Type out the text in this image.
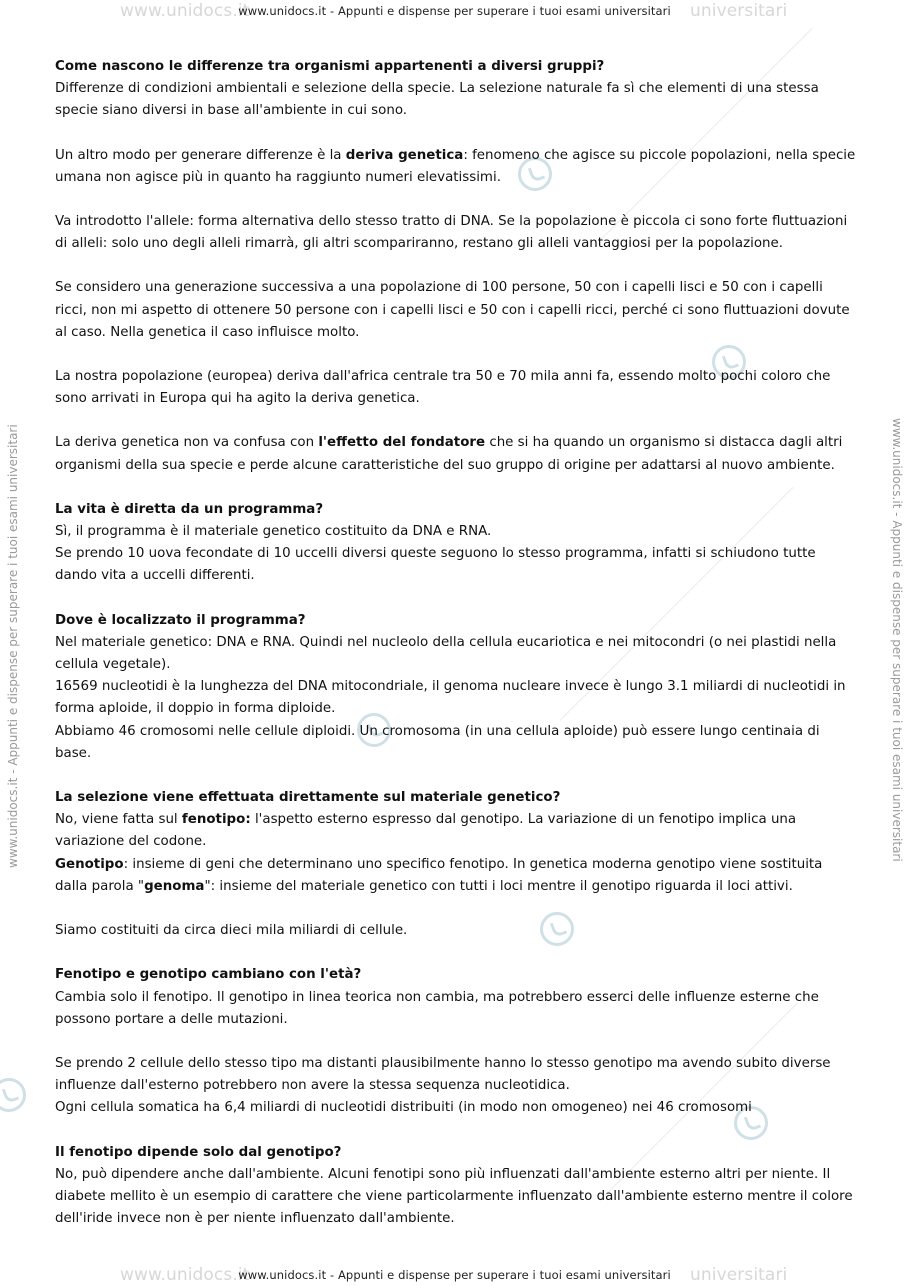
www.unidocs.it
www.unidocs.it - Appunti e dispense per superare i tuoi esami universitari universitari
www.unidocs.it
www.unidocs.it - Appunti e dispense per superare i tuoi esami universitari universitari
www.unidocs.it - Appunti e dispense per superare i tuoi esami universitari	www.unidocs.it - Appunti e dispense per superare i tuoi esami universitari

Come nascono le differenze tra organismi appartenenti a diversi gruppi?

Differenze di condizioni ambientali e selezione della specie. La selezione naturale fa sì che elementi di una stessa specie siano diversi in base all'ambiente in cui sono.

Un altro modo per generare differenze è la deriva genetica: fenomeno che agisce su piccole popolazioni, nella specie umana non agisce più in quanto ha raggiunto numeri elevatissimi.

Va introdotto l'allele: forma alternativa dello stesso tratto di DNA. Se la popolazione è piccola ci sono forte fluttuazioni di alleli: solo uno degli alleli rimarrà, gli altri scompariranno, restano gli alleli vantaggiosi per la popolazione.

Se considero una generazione successiva a una popolazione di 100 persone, 50 con i capelli lisci e 50 con i capelli ricci, non mi aspetto di ottenere 50 persone con i capelli lisci e 50 con i capelli ricci, perché ci sono fluttuazioni dovute al caso. Nella genetica il caso influisce molto.

La nostra popolazione (europea) deriva dall'africa centrale tra 50 e 70 mila anni fa, essendo molto pochi coloro che sono arrivati in Europa qui ha agito la deriva genetica.

La deriva genetica non va confusa con l'effetto del fondatore che si ha quando un organismo si distacca dagli altri organismi della sua specie e perde alcune caratteristiche del suo gruppo di origine per adattarsi al nuovo ambiente.

La vita è diretta da un programma?

Sì, il programma è il materiale genetico costituito da DNA e RNA.

Se prendo 10 uova fecondate di 10 uccelli diversi queste seguono lo stesso programma, infatti si schiudono tutte dando vita a uccelli differenti.

Dove è localizzato il programma?

Nel materiale genetico: DNA e RNA. Quindi nel nucleolo della cellula eucariotica e nei mitocondri (o nei plastidi nella cellula vegetale).

16569 nucleotidi è la lunghezza del DNA mitocondriale, il genoma nucleare invece è lungo 3.1 miliardi di nucleotidi in forma aploide, il doppio in forma diploide.

Abbiamo 46 cromosomi nelle cellule diploidi. Un cromosoma (in una cellula aploide) può essere lungo centinaia di base.

La selezione viene effettuata direttamente sul materiale genetico?

No, viene fatta sul fenotipo: l'aspetto esterno espresso dal genotipo. La variazione di un fenotipo implica una variazione del codone.

Genotipo: insieme di geni che determinano uno specifico fenotipo. In genetica moderna genotipo viene sostituita dalla parola "genoma": insieme del materiale genetico con tutti i loci mentre il genotipo riguarda il loci attivi.

Siamo costituiti da circa dieci mila miliardi di cellule.

Fenotipo e genotipo cambiano con l'età?

Cambia solo il fenotipo. Il genotipo in linea teorica non cambia, ma potrebbero esserci delle influenze esterne che possono portare a delle mutazioni.

Se prendo 2 cellule dello stesso tipo ma distanti plausibilmente hanno lo stesso genotipo ma avendo subito diverse influenze dall'esterno potrebbero non avere la stessa sequenza nucleotidica.

Ogni cellula somatica ha 6,4 miliardi di nucleotidi distribuiti (in modo non omogeneo) nei 46 cromosomi

Il fenotipo dipende solo dal genotipo?

No, può dipendere anche dall'ambiente. Alcuni fenotipi sono più influenzati dall'ambiente esterno altri per niente. Il diabete mellito è un esempio di carattere che viene particolarmente influenzato dall'ambiente esterno mentre il colore dell'iride invece non è per niente influenzato dall'ambiente.
